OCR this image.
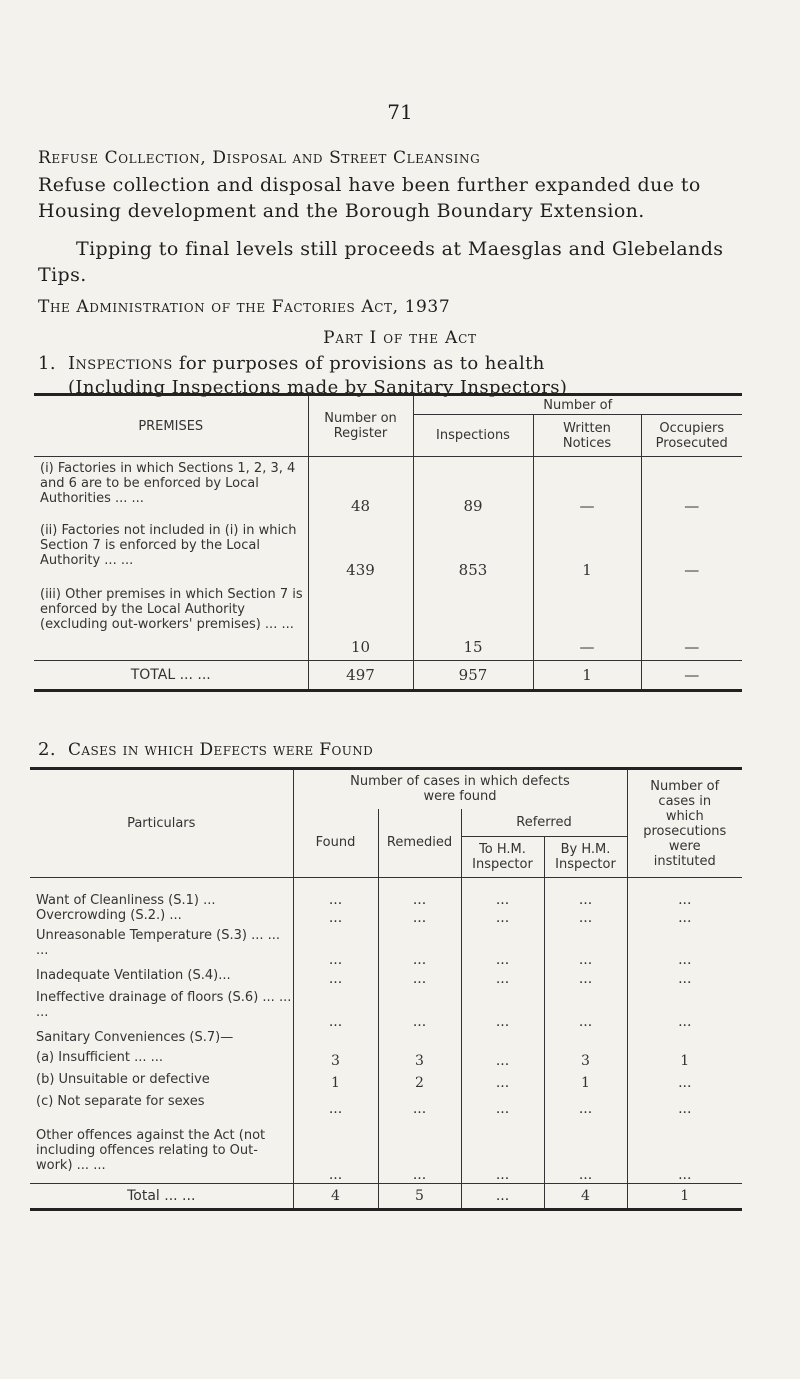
71
Refuse Collection, Disposal and Street Cleansing
Refuse collection and disposal have been further expanded due to Housing development and the Borough Boundary Extension.
Tipping to final levels still proceeds at Maesglas and Glebelands Tips.
The Administration of the Factories Act, 1937
Part I of the Act
1. Inspections for purposes of provisions as to health
(Including Inspections made by Sanitary Inspectors)
PREMISES	Number on Register	Number of		
		Inspections	Written Notices	Occupiers Prosecuted
(i) Factories in which Sections 1, 2, 3, 4 and 6 are to be enforced by Local Authorities ... ...	48	89	—	—
(ii) Factories not included in (i) in which Section 7 is enforced by the Local Authority ... ...	439	853	1	—
(iii) Other premises in which Section 7 is enforced by the Local Authority (excluding out-workers' premises) ... ...	10	15	—	—
TOTAL ... ...	497	957	1	—
2. Cases in which Defects were Found
Particulars	Number of cases in which defects were found				Number of cases in which prosecutions were instituted
	Found	Remedied	Referred		
			To H.M. Inspector	By H.M. Inspector	
Want of Cleanliness (S.1) ...	...	...	...	...	...
Overcrowding (S.2.) ...	...	...	...	...	...
Unreasonable Temperature (S.3) ... ... ...	...	...	...	...	...
Inadequate Ventilation (S.4)...	...	...	...	...	...
Ineffective drainage of floors (S.6) ... ... ...	...	...	...	...	...
Sanitary Conveniences (S.7)—					
(a) Insufficient ... ...	3	3	...	3	1
(b) Unsuitable or defective	1	2	...	1	...
(c) Not separate for sexes	...	...	...	...	...
Other offences against the Act (not including offences relating to Out-work) ... ...	...	...	...	...	...
Total ... ...	4	5	...	4	1
